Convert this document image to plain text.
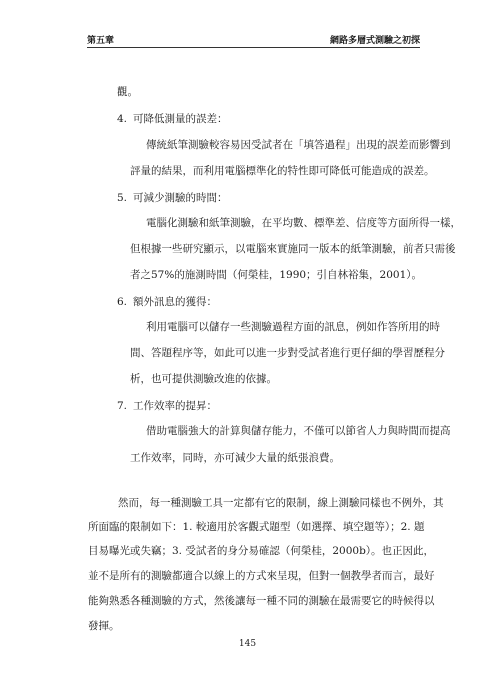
第五章	網路多層式測驗之初探
觀。
4. 可降低測量的誤差：
傳統紙筆測驗較容易因受試者在「填答過程」出現的誤差而影響到
評量的結果，而利用電腦標準化的特性即可降低可能造成的誤差。
5. 可減少測驗的時間：
電腦化測驗和紙筆測驗，在平均數、標準差、信度等方面所得一樣，
但根據一些研究顯示，以電腦來實施同一版本的紙筆測驗，前者只需後
者之57%的施測時間（何榮桂，1990；引自林裕集，2001）。
6. 額外訊息的獲得：
利用電腦可以儲存一些測驗過程方面的訊息，例如作答所用的時
間、答題程序等，如此可以進一步對受試者進行更仔細的學習歷程分
析，也可提供測驗改進的依據。
7. 工作效率的提昇：
借助電腦強大的計算與儲存能力，不僅可以節省人力與時間而提高
工作效率，同時，亦可減少大量的紙張浪費。
然而，每一種測驗工具一定都有它的限制，線上測驗同樣也不例外，其
所面臨的限制如下：1. 較適用於客觀式題型（如選擇、填空題等）；2. 題
目易曝光或失竊；3. 受試者的身分易確認（何榮桂，2000b）。也正因此，
並不是所有的測驗都適合以線上的方式來呈現，但對一個教學者而言，最好
能夠熟悉各種測驗的方式，然後讓每一種不同的測驗在最需要它的時候得以
發揮。
145
